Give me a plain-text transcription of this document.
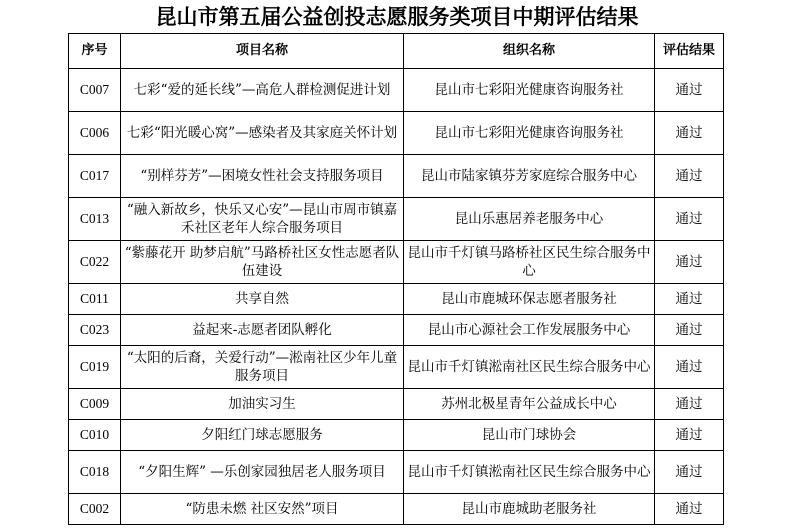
昆山市第五届公益创投志愿服务类项目中期评估结果
序号	项目名称	组织名称	评估结果
C007	七彩“爱的延长线”—高危人群检测促进计划	昆山市七彩阳光健康咨询服务社	通过
C006	七彩“阳光暖心窝”—感染者及其家庭关怀计划	昆山市七彩阳光健康咨询服务社	通过
C017	“别样芬芳”—困境女性社会支持服务项目	昆山市陆家镇芬芳家庭综合服务中心	通过
C013	“融入新故乡，快乐又心安”—昆山市周市镇嘉禾社区老年人综合服务项目	昆山乐惠居养老服务中心	通过
C022	“紫藤花开 助梦启航”马路桥社区女性志愿者队伍建设	昆山市千灯镇马路桥社区民生综合服务中心	通过
C011	共享自然	昆山市鹿城环保志愿者服务社	通过
C023	益起来-志愿者团队孵化	昆山市心源社会工作发展服务中心	通过
C019	“太阳的后裔，关爱行动”—淞南社区少年儿童服务项目	昆山市千灯镇淞南社区民生综合服务中心	通过
C009	加油实习生	苏州北极星青年公益成长中心	通过
C010	夕阳红门球志愿服务	昆山市门球协会	通过
C018	“夕阳生辉” —乐创家园独居老人服务项目	昆山市千灯镇淞南社区民生综合服务中心	通过
C002	“防患未燃 社区安然”项目	昆山市鹿城助老服务社	通过
